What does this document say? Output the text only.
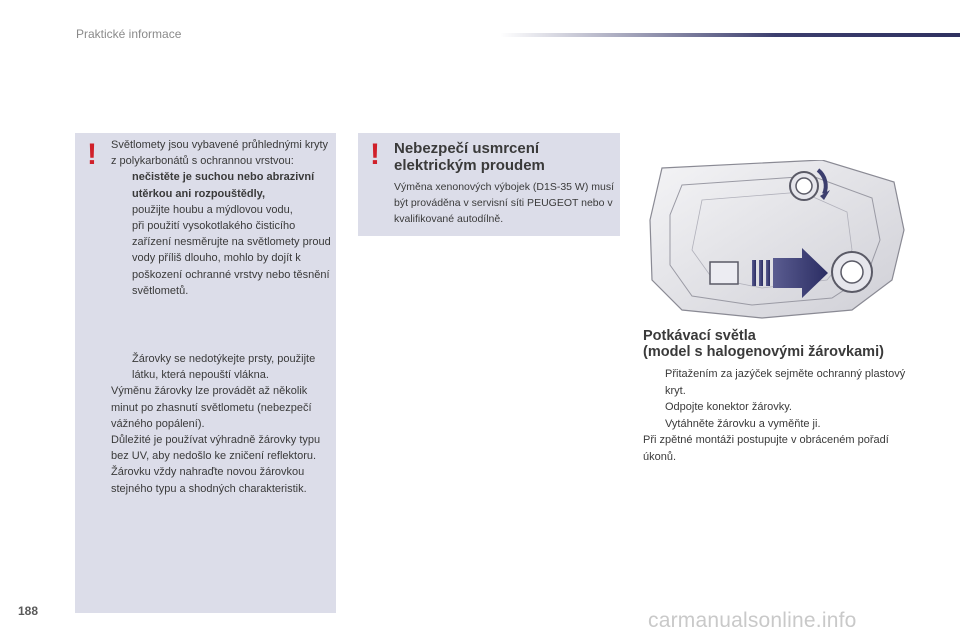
Praktické informace
! Světlomety jsou vybavené průhlednými kryty z polykarbonátů s ochrannou vrstvou:
nečistěte je suchou nebo abrazivní utěrkou ani rozpouštědly,
použijte houbu a mýdlovou vodu,
při použití vysokotlakého čisticího zařízení nesměrujte na světlomety proud vody příliš dlouho, mohlo by dojít k poškození ochranné vrstvy nebo těsnění světlometů.
Žárovky se nedotýkejte prsty, použijte látku, která nepouští vlákna.
Výměnu žárovky lze provádět až několik minut po zhasnutí světlometu (nebezpečí vážného popálení).
Důležité je používat výhradně žárovky typu bez UV, aby nedošlo ke zničení reflektoru.
Žárovku vždy nahraďte novou žárovkou stejného typu a shodných charakteristik.
! Nebezpečí usmrcení elektrickým proudem
Výměna xenonových výbojek (D1S-35 W) musí být prováděna v servisní síti PEUGEOT nebo v kvalifikované autodílně.
Potkávací světla
(model s halogenovými žárovkami)
Přitažením za jazýček sejměte ochranný plastový kryt.
Odpojte konektor žárovky.
Vytáhněte žárovku a vyměňte ji.
Při zpětné montáži postupujte v obráceném pořadí úkonů.
188	carmanualsonline.info
